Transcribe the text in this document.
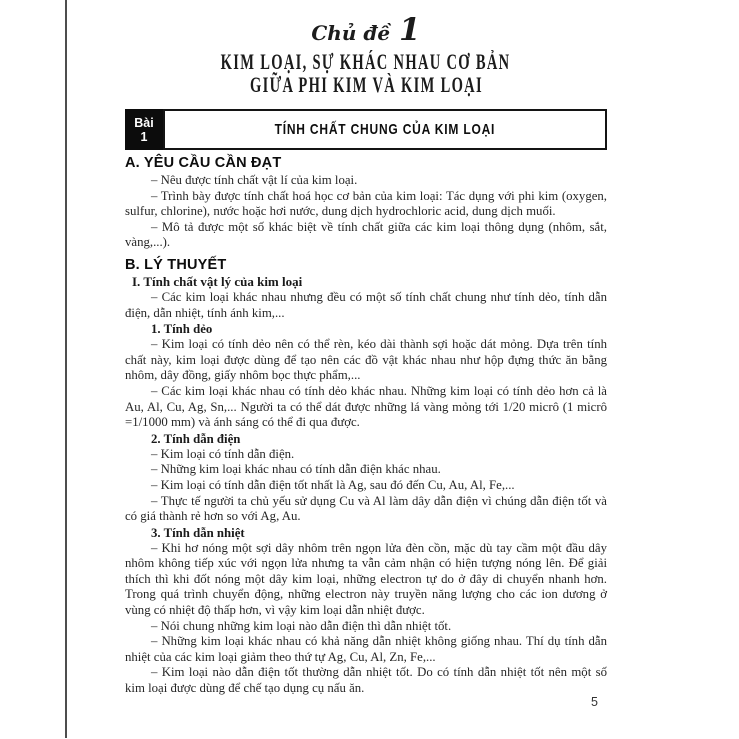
Chủ đề 1
KIM LOẠI, SỰ KHÁC NHAU CƠ BẢN
GIỮA PHI KIM VÀ KIM LOẠI
Bài
1	TÍNH CHẤT CHUNG CỦA KIM LOẠI
A. YÊU CẦU CẦN ĐẠT

– Nêu được tính chất vật lí của kim loại.

– Trình bày được tính chất hoá học cơ bản của kim loại: Tác dụng với phi kim (oxygen, sulfur, chlorine), nước hoặc hơi nước, dung dịch hydrochloric acid, dung dịch muối.

– Mô tả được một số khác biệt về tính chất giữa các kim loại thông dụng (nhôm, sắt, vàng,...).

B. LÝ THUYẾT
I. Tính chất vật lý của kim loại

– Các kim loại khác nhau nhưng đều có một số tính chất chung như tính dẻo, tính dẫn điện, dẫn nhiệt, tính ánh kim,...

1. Tính dẻo

– Kim loại có tính dẻo nên có thể rèn, kéo dài thành sợi hoặc dát mỏng. Dựa trên tính chất này, kim loại được dùng để tạo nên các đồ vật khác nhau như hộp đựng thức ăn bằng nhôm, dây đồng, giấy nhôm bọc thực phẩm,...

– Các kim loại khác nhau có tính dẻo khác nhau. Những kim loại có tính dẻo hơn cả là Au, Al, Cu, Ag, Sn,... Người ta có thể dát được những lá vàng mỏng tới 1/20 micrô (1 micrô =1/1000 mm) và ánh sáng có thể đi qua được.

2. Tính dẫn điện

– Kim loại có tính dẫn điện.

– Những kim loại khác nhau có tính dẫn điện khác nhau.

– Kim loại có tính dẫn điện tốt nhất là Ag, sau đó đến Cu, Au, Al, Fe,...

– Thực tế người ta chủ yếu sử dụng Cu và Al làm dây dẫn điện vì chúng dẫn điện tốt và có giá thành rẻ hơn so với Ag, Au.

3. Tính dẫn nhiệt

– Khi hơ nóng một sợi dây nhôm trên ngọn lửa đèn cồn, mặc dù tay cầm một đầu dây nhôm không tiếp xúc với ngọn lửa nhưng ta vẫn cảm nhận có hiện tượng nóng lên. Để giải thích thì khi đốt nóng một dây kim loại, những electron tự do ở đây di chuyển nhanh hơn. Trong quá trình chuyển động, những electron này truyền năng lượng cho các ion dương ở vùng có nhiệt độ thấp hơn, vì vậy kim loại dẫn nhiệt được.

– Nói chung những kim loại nào dẫn điện thì dẫn nhiệt tốt.

– Những kim loại khác nhau có khả năng dẫn nhiệt không giống nhau. Thí dụ tính dẫn nhiệt của các kim loại giảm theo thứ tự Ag, Cu, Al, Zn, Fe,...

– Kim loại nào dẫn điện tốt thường dẫn nhiệt tốt. Do có tính dẫn nhiệt tốt nên một số kim loại được dùng để chế tạo dụng cụ nấu ăn.

5
